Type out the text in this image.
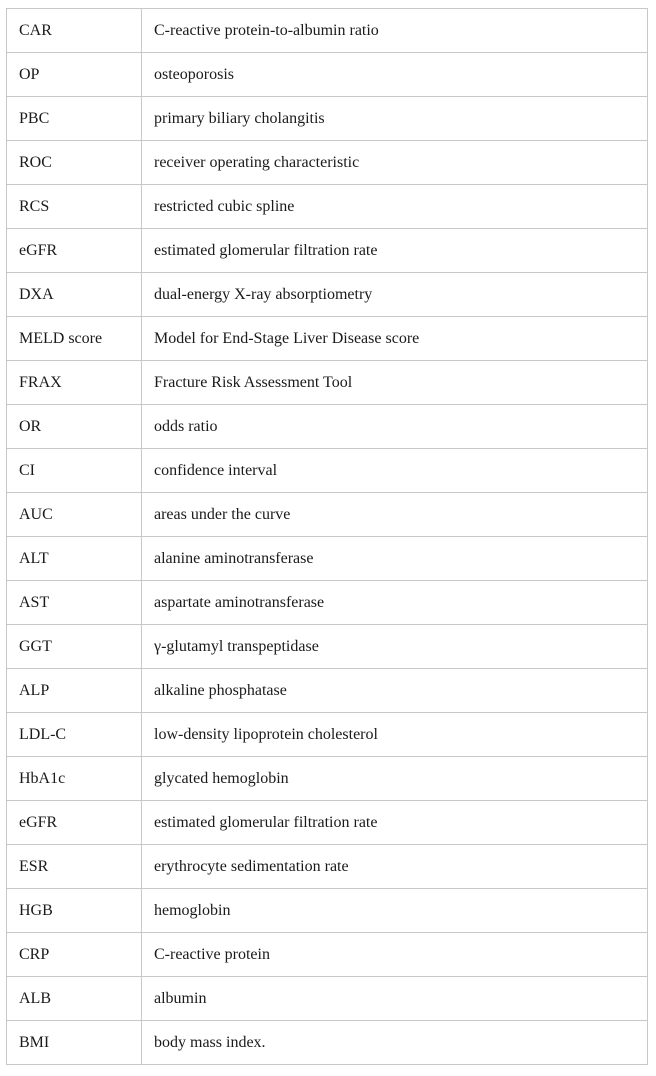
CAR	C-reactive protein-to-albumin ratio
OP	osteoporosis
PBC	primary biliary cholangitis
ROC	receiver operating characteristic
RCS	restricted cubic spline
eGFR	estimated glomerular filtration rate
DXA	dual-energy X-ray absorptiometry
MELD score	Model for End-Stage Liver Disease score
FRAX	Fracture Risk Assessment Tool
OR	odds ratio
CI	confidence interval
AUC	areas under the curve
ALT	alanine aminotransferase
AST	aspartate aminotransferase
GGT	γ-glutamyl transpeptidase
ALP	alkaline phosphatase
LDL-C	low-density lipoprotein cholesterol
HbA1c	glycated hemoglobin
eGFR	estimated glomerular filtration rate
ESR	erythrocyte sedimentation rate
HGB	hemoglobin
CRP	C-reactive protein
ALB	albumin
BMI	body mass index.
